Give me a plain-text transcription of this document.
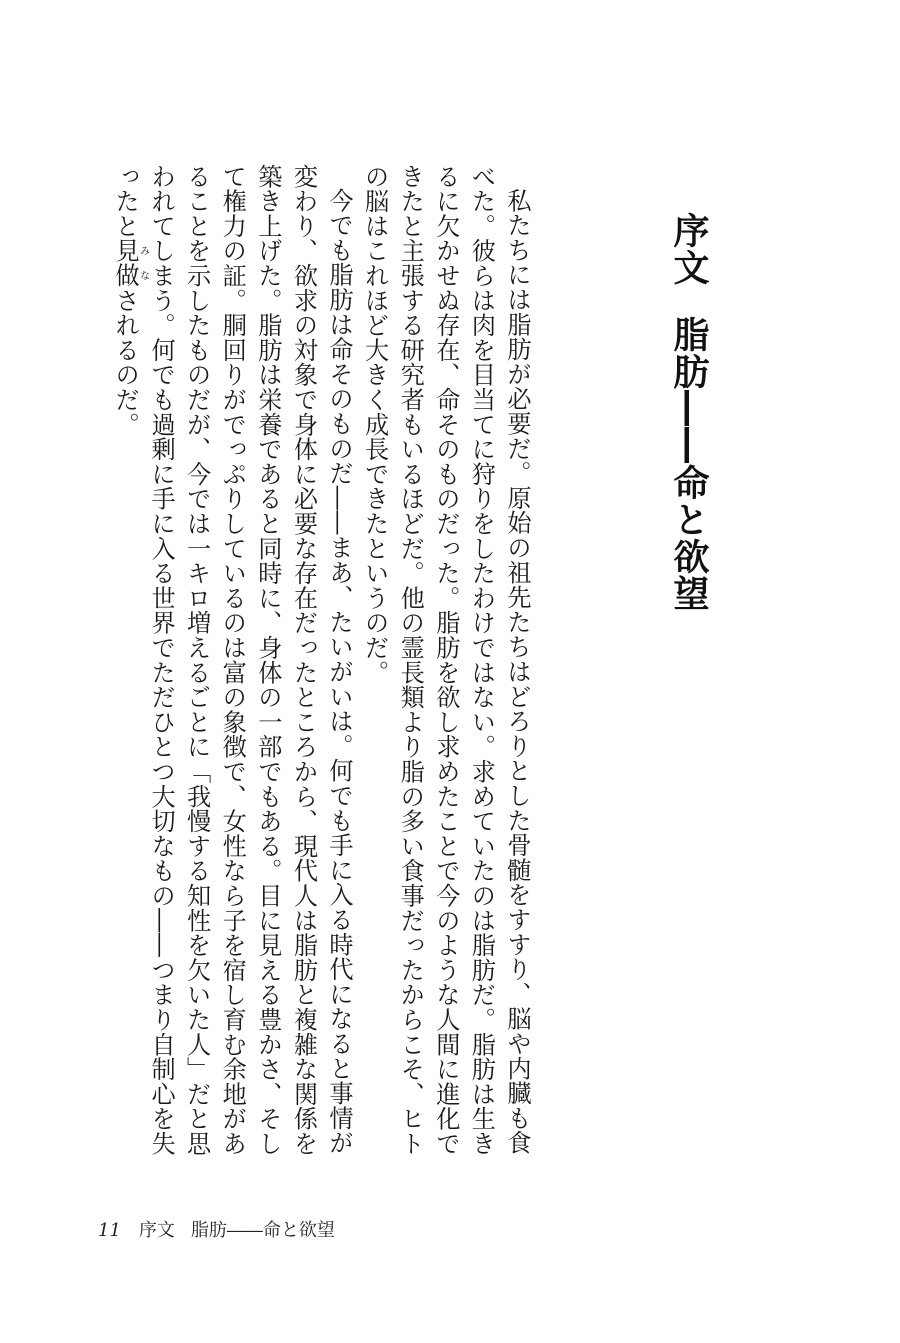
序文脂肪――命と欲望

私たちには脂肪が必要だ。原始の祖先たちはどろりとした骨髄をすすり、脳や内臓も食べた。彼らは肉を目当てに狩りをしたわけではない。求めていたのは脂肪だ。脂肪は生きるに欠かせぬ存在、命そのものだった。脂肪を欲し求めたことで今のような人間に進化できたと主張する研究者もいるほどだ。他の霊長類より脂の多い食事だったからこそ、ヒトの脳はこれほど大きく成長できたというのだ。

今でも脂肪は命そのものだ――まあ、たいがいは。何でも手に入る時代になると事情が変わり、欲求の対象で身体に必要な存在だったところから、現代人は脂肪と複雑な関係を築き上げた。脂肪は栄養であると同時に、身体の一部でもある。目に見える豊かさ、そして権力の証。胴回りがでっぷりしているのは富の象徴で、女性なら子を宿し育む余地があることを示したものだが、今では一キロ増えるごとに「我慢する知性を欠いた人」だと思われてしまう。何でも過剰に手に入る世界でただひとつ大切なもの――つまり自制心を失ったと見做みなされるのだ。

11 序文 脂肪――命と欲望
